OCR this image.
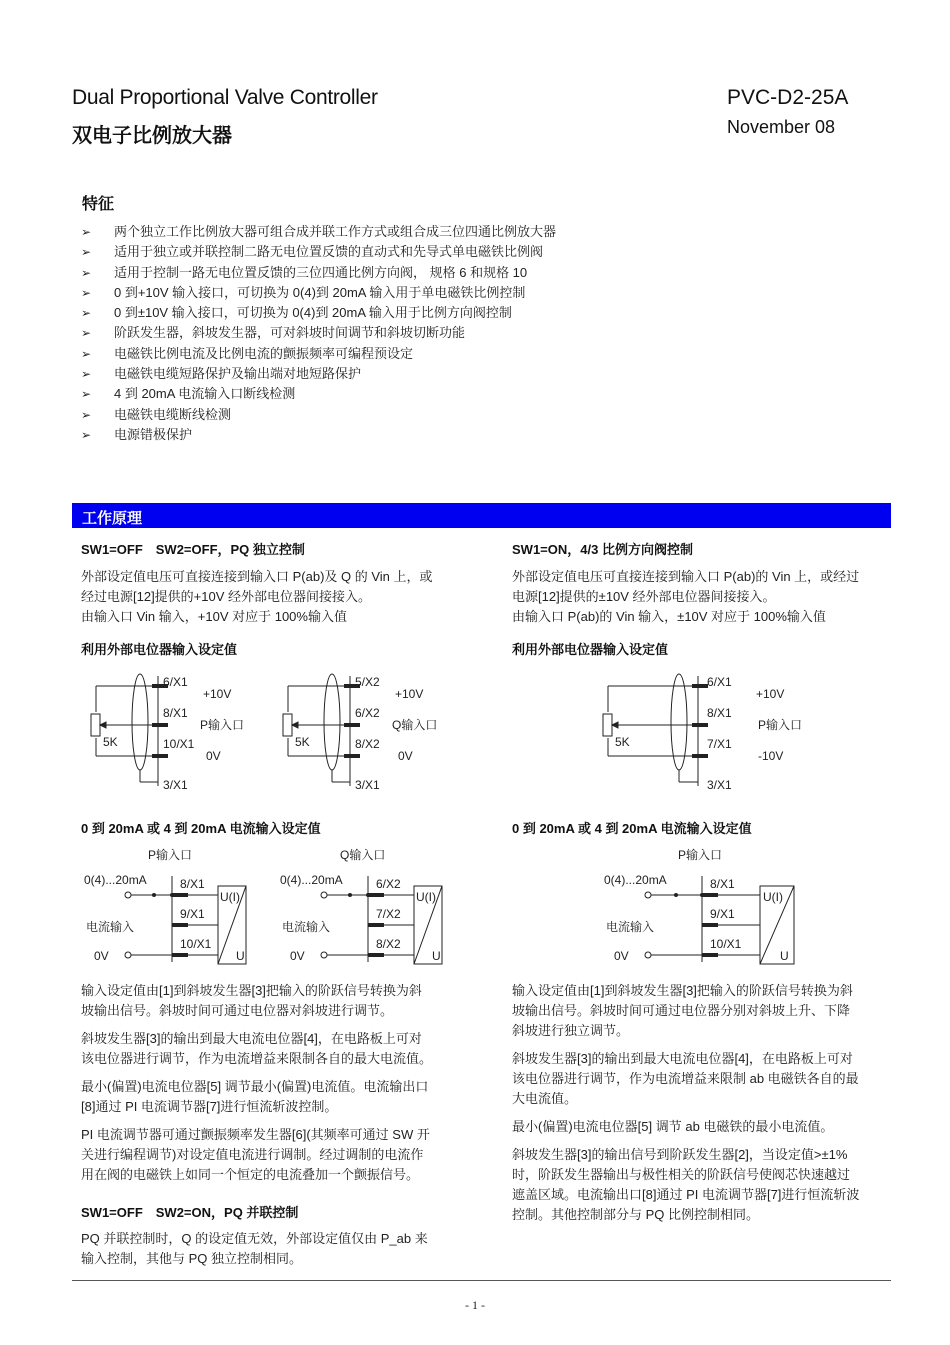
Dual Proportional Valve Controller
双电子比例放大器
PVC-D2-25A
November 08
特征
➢ 两个独立工作比例放大器可组合成并联工作方式或组合成三位四通比例放大器
➢ 适用于独立或并联控制二路无电位置反馈的直动式和先导式单电磁铁比例阀
➢ 适用于控制一路无电位置反馈的三位四通比例方向阀， 规格 6 和规格 10
➢ 0 到+10V 输入接口，可切换为 0(4)到 20mA 输入用于单电磁铁比例控制
➢ 0 到±10V 输入接口，可切换为 0(4)到 20mA 输入用于比例方向阀控制
➢ 阶跃发生器，斜坡发生器，可对斜坡时间调节和斜坡切断功能
➢ 电磁铁比例电流及比例电流的颤振频率可编程预设定
➢ 电磁铁电缆短路保护及输出端对地短路保护
➢ 4 到 20mA 电流输入口断线检测
➢ 电磁铁电缆断线检测
➢ 电源错极保护
工作原理
SW1=OFF　SW2=OFF，PQ 独立控制

外部设定值电压可直接连接到输入口 P(ab)及 Q 的 Vin 上，或

经过电源[12]提供的+10V 经外部电位器间接接入。

由输入口 Vin 输入，+10V 对应于 100%输入值

利用外部电位器输入设定值
6/X1
8/X1
10/X1
3/X1
+10V
P输入口
0V
5K
5/X2
6/X2
8/X2
3/X1
+10V
Q输入口
0V
5K
0 到 20mA 或 4 到 20mA 电流输入设定值
P输入口
0(4)...20mA
电流输入
0V
8/X1
9/X1
10/X1
U(I)
U
Q输入口
0(4)...20mA
电流输入
0V
6/X2
7/X2
8/X2
U(I)
U

输入设定值由[1]到斜坡发生器[3]把输入的阶跃信号转换为斜

坡输出信号。斜坡时间可通过电位器对斜坡进行调节。

斜坡发生器[3]的输出到最大电流电位器[4]，在电路板上可对

该电位器进行调节，作为电流增益来限制各自的最大电流值。

最小(偏置)电流电位器[5] 调节最小(偏置)电流值。电流输出口

[8]通过 PI 电流调节器[7]进行恒流斩波控制。

PI 电流调节器可通过颤振频率发生器[6](其频率可通过 SW 开

关进行编程调节)对设定值电流进行调制。经过调制的电流作

用在阀的电磁铁上如同一个恒定的电流叠加一个颤振信号。

SW1=OFF　SW2=ON，PQ 并联控制

PQ 并联控制时，Q 的设定值无效，外部设定值仅由 P_ab 来

输入控制，其他与 PQ 独立控制相同。

SW1=ON，4/3 比例方向阀控制

外部设定值电压可直接连接到输入口 P(ab)的 Vin 上，或经过

电源[12]提供的±10V 经外部电位器间接接入。

由输入口 P(ab)的 Vin 输入，±10V 对应于 100%输入值

利用外部电位器输入设定值
6/X1
8/X1
7/X1
3/X1
+10V
P输入口
-10V
5K
0 到 20mA 或 4 到 20mA 电流输入设定值
P输入口
0(4)...20mA
电流输入
0V
8/X1
9/X1
10/X1
U(I)
U

输入设定值由[1]到斜坡发生器[3]把输入的阶跃信号转换为斜

坡输出信号。斜坡时间可通过电位器分别对斜坡上升、下降

斜坡进行独立调节。

斜坡发生器[3]的输出到最大电流电位器[4]，在电路板上可对

该电位器进行调节，作为电流增益来限制 ab 电磁铁各自的最

大电流值。

最小(偏置)电流电位器[5] 调节 ab 电磁铁的最小电流值。

斜坡发生器[3]的输出信号到阶跃发生器[2]，当设定值>±1%

时，阶跃发生器输出与极性相关的阶跃信号使阀芯快速越过

遮盖区域。电流输出口[8]通过 PI 电流调节器[7]进行恒流斩波

控制。其他控制部分与 PQ 比例控制相同。

- 1 -
